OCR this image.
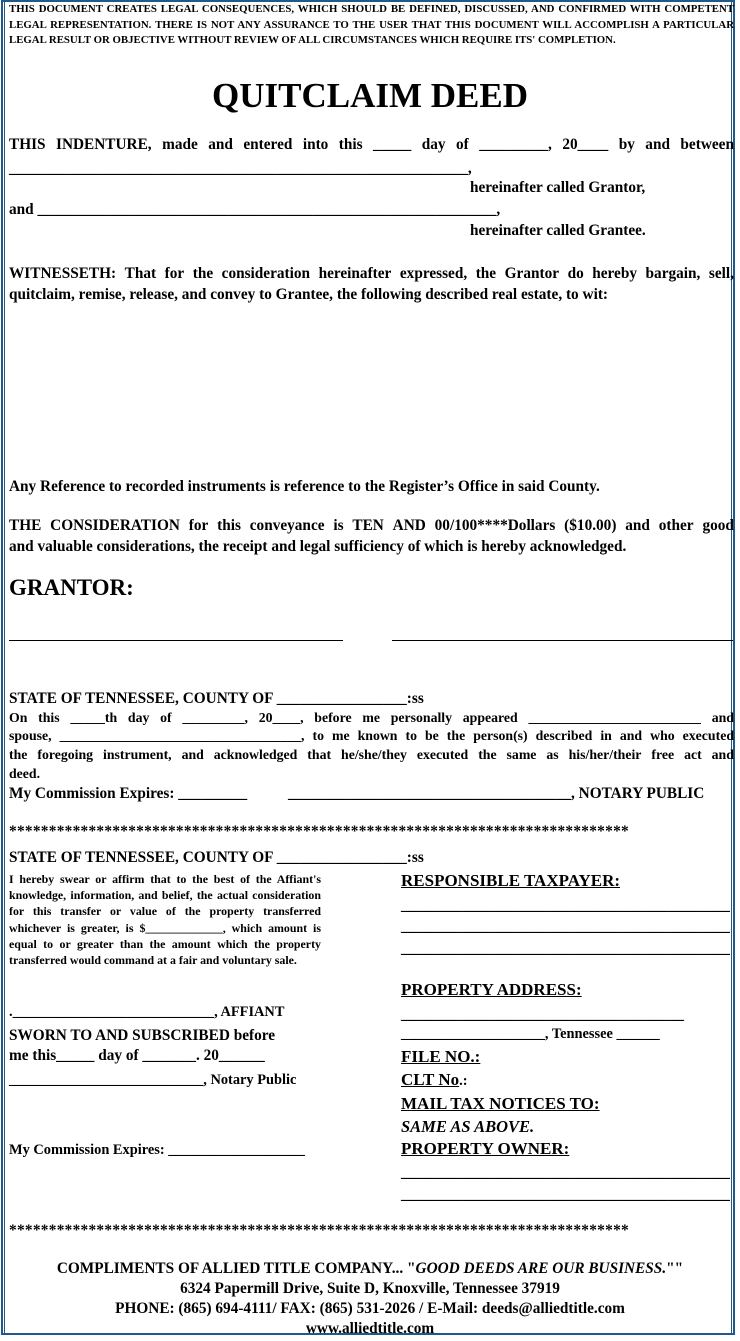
THIS DOCUMENT CREATES LEGAL CONSEQUENCES, WHICH SHOULD BE DEFINED, DISCUSSED, AND CONFIRMED WITH COMPETENT LEGAL REPRESENTATION. THERE IS NOT ANY ASSURANCE TO THE USER THAT THIS DOCUMENT WILL ACCOMPLISH A PARTICULAR LEGAL RESULT OR OBJECTIVE WITHOUT REVIEW OF ALL CIRCUMSTANCES WHICH REQUIRE ITS' COMPLETION.
QUITCLAIM DEED
THIS INDENTURE, made and entered into this _____ day of _________, 20____ by and between
____________________________________________________________,
hereinafter called Grantor,
and ____________________________________________________________,
hereinafter called Grantee.
WITNESSETH: That for the consideration hereinafter expressed, the Grantor do hereby bargain, sell,
quitclaim, remise, release, and convey to Grantee, the following described real estate, to wit:
Any Reference to recorded instruments is reference to the Register’s Office in said County.
THE CONSIDERATION for this conveyance is TEN AND 00/100****Dollars ($10.00) and other good
and valuable considerations, the receipt and legal sufficiency of which is hereby acknowledged.
GRANTOR:
STATE OF TENNESSEE, COUNTY OF _________________:ss
On this _____th day of _________, 20____, before me personally appeared _________________________ and
spouse, ___________________________________, to me known to be the person(s) described in and who executed
the foregoing instrument, and acknowledged that he/she/they executed the same as his/her/their free act and
deed.
My Commission Expires: _________	_____________________________________, NOTARY PUBLIC
******************************************************************************
STATE OF TENNESSEE, COUNTY OF _________________:ss
I hereby swear or affirm that to the best of the Affiant's knowledge, information, and belief, the actual consideration for this transfer or value of the property transferred whichever is greater, is $_____________, which amount is equal to or greater than the amount which the property transferred would command at a fair and voluntary sale.
.____________________________, AFFIANT
SWORN TO AND SUBSCRIBED before
me this_____ day of _______. 20______
___________________________, Notary Public
My Commission Expires: ___________________
RESPONSIBLE TAXPAYER:
___________________________________________
___________________________________________
___________________________________________
PROPERTY ADDRESS:
_____________________________________
____________________, Tennessee ______
FILE NO.:
CLT No.:
MAIL TAX NOTICES TO:
SAME AS ABOVE.
PROPERTY OWNER:
___________________________________________
___________________________________________
******************************************************************************
COMPLIMENTS OF ALLIED TITLE COMPANY... "GOOD DEEDS ARE OUR BUSINESS.""
6324 Papermill Drive, Suite D, Knoxville, Tennessee 37919
PHONE: (865) 694-4111/ FAX: (865) 531-2026 / E-Mail: deeds@alliedtitle.com
www.alliedtitle.com
